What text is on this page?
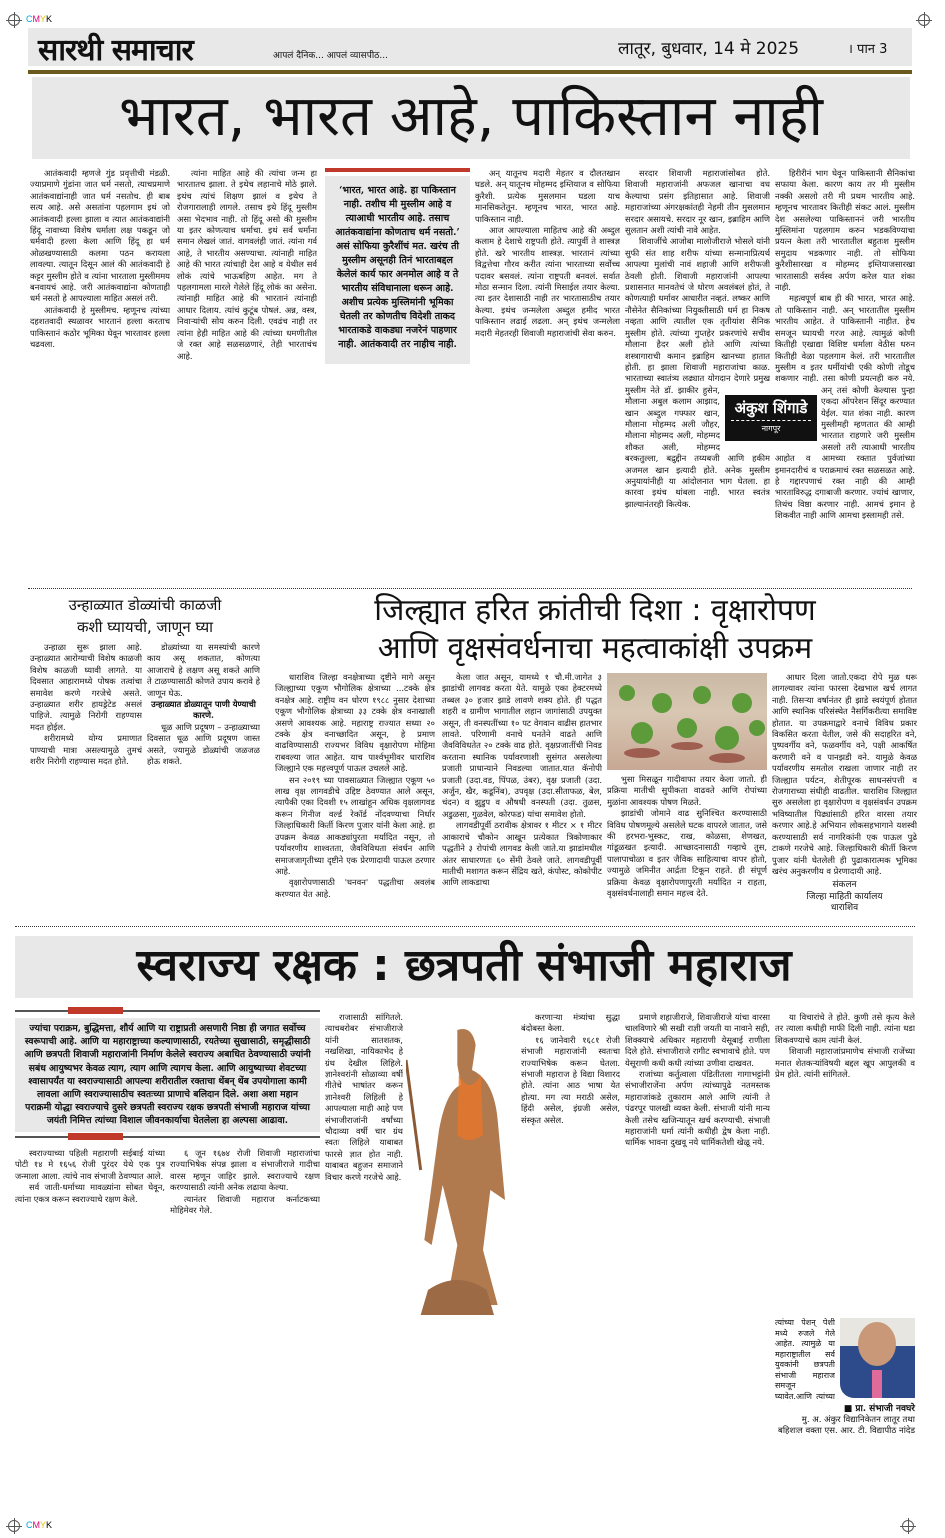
CMYK
CMYK
सारथी समाचार	आपलं दैनिक... आपलं व्यासपीठ...	लातूर, बुधवार, 14 मे 2025	। पान 3
भारत, भारत आहे, पाकिस्तान नाही

आतंकवादी म्हणजे गुंड प्रवृत्तीची मंडळी. ज्याप्रमाणे गुंडांना जात धर्म नसतो, त्याचप्रमाणे आतंकवाद्यांनाही जात धर्म नसतोच. ही बाब सत्य आहे. असे असतांना पहलगाम इथं जो आतंकवादी हल्ला झाला व त्यात आतंकवाद्यांनी हिंदू नावाच्या विशेष धर्माला लक्ष पकडून जो धर्मवादी हल्ला केला आणि हिंदू हा धर्म ओळखण्यासाठी कलमा पठन करायला लावल्या. त्यातून दिसून आलं की आतंकवादी हे कट्टर मुस्लीम होते व त्यांना भारताला मुस्लीममय बनवायचं आहे. जरी आतंकवाद्यांना कोणताही धर्म नसतो हे आपल्याला माहित असलं तरी.

आतंकवादी हे मुस्लीमच. म्हणूनच त्यांच्या दहशतवादी स्थळावर भारतानं हल्ला करताच पाकिस्तानं कठोर भूमिका घेवून भारतावर हल्ला चढवला.

त्यांना माहित आहे की त्यांचा जन्म हा भारतातच झाला. ते इथेच लहानाचे मोठे झाले. इथंच त्यांचं शिक्षण झालं व इथेच ते रोजगारालाही लागले. तसाच इथे हिंदू मुस्लीम असा भेदभाव नाही. तो हिंदू असो की मुस्लीम या इतर कोणत्याच धर्माचा. इथं सर्व धर्मांना समान लेखलं जातं. वागवलंही जातं. त्यांना गर्व आहे, ते भारतीय असण्याचा. त्यांनाही माहित आहे की भारत त्यांचाही देश आहे व येथील सर्व लोकं त्यांचे भाऊबहिण आहेत. मग ते पहलगामला मारले गेलेले हिंदू लोकं का असेना. त्यांनाही माहित आहे की भारतानं त्यांनाही आधार दिलाय. त्यांचं कुटूंब पोषलं. अन्न, वस्त्र, निवाऱ्यांची सोय करुन दिली. एवढंच नाही तर त्यांना हेही माहित आहे की त्यांच्या धमणीतील जे रक्त आहे सळसळणारं, तेही भारताचंच आहे.

‘भारत, भारत आहे. हा पाकिस्तान नाही. तशीच मी मुस्लीम आहे व त्याआधी भारतीय आहे. तसाच आतंकवाद्यांना कोणताच धर्म नसतो.’ असं सोफिया कुरैशींचं मत. खरंच ती मुस्लीम असूनही तिनं भारताबद्दल केलेलं कार्य फार अनमोल आहे व ते भारतीय संविधानाला धरून आहे. अशीच प्रत्येक मुस्लिमांनी भूमिका घेतली तर कोणतीच विदेशी ताकद भारताकडे वाकड्या नजरेनं पाहणार नाही. आतंकवादी तर नाहीच नाही.

अन् यातूनच मदारी मेहतर व दौलतखान घडले. अन् यातूनच मोहम्मद इम्तियाज व सोफिया कुरैशी. प्रत्येक मुसलमान घडला याच मानसिकतेतून. म्हणूनच भारत, भारत आहे. पाकिस्तान नाही.

आज आपल्याला माहितच आहे की अब्दुल कलाम हे देशाचे राष्ट्रपती होते. त्यापुर्वी ते शास्त्रज्ञ होते. खरे भारतीय शास्त्रज्ञ. भारतानं त्यांच्या विद्वत्तेचा गौरव करीत त्यांना भारताच्या सर्वोच्च पदावर बसवलं. त्यांना राष्ट्रपती बनवलं. सर्वात मोठा सन्मान दिला. त्यांनी मिसाईल तयार केल्या. त्या इतर देशासाठी नाही तर भारतासाठीच तयार केल्या. इथंच जन्मलेला अब्दुल हमीद भारत पाकिस्तान लढाई लढला. अन् इथंच जन्मलेला मदारी मेहतरही शिवाजी महाराजांची सेवा करुन.

सरदार शिवाजी महाराजांसोबत होते. शिवाजी महाराजांनी अफजल खानाचा वध केल्याचा प्रसंग इतिहासात आहे. शिवाजी महाराजांच्या अंगरक्षकांतही नेहमी तीन मुसलमान सरदार असायचे. सरदार नूर खान, इब्राहिम आणि सुलतान अशी त्यांची नावे आहेत.

शिवाजींचे आजोबा मालोजीराजे भोसले यांनी सुफी संत शाह शरीफ यांच्या सन्मानाप्रित्यर्थ आपल्या मुलांची नावं शहाजी आणि शरीफजी ठेवली होती. शिवाजी महाराजांनी आपल्या प्रशासनात मानवतेचं जे धोरण अवलंबलं होतं, ते कोणत्याही धर्मावर आधारीत नव्हतं. लष्कर आणि नौसेनेत सैनिकांच्या नियुक्तीसाठी धर्म हा निकष नव्हता आणि त्यातील एक तृतीयांश सैनिक मुस्लीम होते. त्यांच्या गुप्तहेर प्रकरणांचे सचीव मौलाना हैदर अली होते आणि त्यांच्या शस्त्रागाराची कमान इब्राहिम खानच्या हातात होती. हा झाला शिवाजी महाराजांचा काळ. भारताच्या स्वातंत्र्य लढ्यात योगदान देणारे प्रमुख मुस्लीम नेते डॉ. झाकीर हुसेन, मौलाना अबुल कलाम आझाद, खान अब्दुल गफ्फार खान, मौलाना मोहम्मद अली जौहर, मौलाना मोहम्मद अली, मोहम्मद शौकत अली, मोहम्मद बरकतुल्ला, बद्रुद्दीन तय्यबजी आणि हकीम अजमल खान इत्यादी होते. अनेक मुस्लीम अनुयायांनीही या आंदोलनात भाग घेतला. हा कारवा इथंच थांबला नाही. भारत स्वतंत्र झाल्यानंतरही कित्येक.

हिरीरीनं भाग घेवून पाकिस्तानी सैनिकांचा सफाया केला. कारण काय तर मी मुस्लीम नक्की असलो तरी मी प्रथम भारतीय आहे. म्हणूनच भारतावर कितीही संकट आलं. मुस्लीम देश असलेल्या पाकिस्ताननं जरी भारतीय मुस्लिमांना पहलगाम करुन भडकविण्याचा प्रयत्न केला तरी भारतातील बहुतःश मुस्लीम समुदाय भडकणार नाही. तो सोफिया कुरैशीसारखा व मोहम्मद इम्तियाजसारखा भारतासाठी सर्वस्व अर्पण करेल यात शंका नाही.

महत्वपूर्ण बाब ही की भारत, भारत आहे. तो पाकिस्तान नाही. अन् भारतातील मुस्लीम भारतीय आहेत. ते पाकिस्तानी नाहीत. हेच समजून घ्यायची गरज आहे. त्यामुळं कोणी कितीही एखाद्या विशिष्ट धर्माला वेठीस धरुन कितीही वेळा पहलगाम केलं. तरी भारतातील मुस्लीम व इतर धर्मीयांची एकी कोणी तोडूच शकणार नाही. तसा कोणी प्रयत्नही करु नये. अन् तसं कोणी केल्यास पुन्हा एकदा ऑपरेशन सिंदूर करण्यात येईल. यात शंका नाही. कारण मुस्लीमही म्हणतात की आम्ही भारतात राहणारे जरी मुस्लीम असलो तरी त्याआधी भारतीय आहोत व आमच्या रक्तात पुर्वजांच्या इमानदारीचं व पराक्रमाचं रक्त सळसळत आहे. हे गद्दारपणाचं रक्त नाही की आम्ही भारताविरुद्ध दगाबाजी करणार. ज्यांचं खाणार, तिथंच विष्ठा करणार नाही. आमचं इमान हे शिकवीत नाही आणि आमचा इस्लामही तसे.

अंकुश शिंगाडे
नागपूर
उन्हाळ्यात डोळ्यांची काळजी
कशी घ्यायची, जाणून घ्या

उन्हाळा सुरू झाला आहे. उन्हाळ्यात आरोग्याची विशेष काळजी विशेष काळजी घ्यावी लागते. या दिवसात आहारामध्ये पोषक तत्वांचा समावेश करणे गरजेचे असते. उन्हाळ्यात शरीर हायड्रेटेड असलं पाहिजे. त्यामुळे निरोगी राहण्यास मदत होईल.

शरीरामध्ये योग्य प्रमाणात पाण्याची मात्रा असल्यामुळे तुमचं शरीर निरोगी राहण्यास मदत होते.

डोळ्यांच्या या समस्यांची कारणे काय असू शकतात, कोणत्या आजाराचे हे लक्षण असू शकते आणि ते टाळण्यासाठी कोणते उपाय करावे हे जाणून घेऊ.

उन्हाळ्यात डोळ्यातून पाणी येण्याची कारणे.

धूळ आणि प्रदूषण – उन्हाळ्याच्या दिवसात धूळ आणि प्रदूषण जास्त असते, ज्यामुळे डोळ्यांची जळजळ होऊ शकते.

जिल्ह्यात हरित क्रांतीची दिशा : वृक्षारोपण
आणि वृक्षसंवर्धनाचा महत्वाकांक्षी उपक्रम

धाराशिव जिल्हा वनक्षेत्राच्या दृष्टीने मागे असून जिल्ह्याच्या एकूण भौगोलिक क्षेत्राच्या ...टक्के क्षेत्र वनक्षेत्र आहे. राष्ट्रीय वन धोरण १९८८ नुसार देशाच्या एकूण भौगोलिक क्षेत्राच्या ३३ टक्के क्षेत्र वनाखाली असणे आवश्यक आहे. महाराष्ट्र राज्यात सध्या २० टक्के क्षेत्र वनाच्छादित असून, हे प्रमाण वाढविण्यासाठी राज्यभर विविध वृक्षारोपण मोहिमा राबवल्या जात आहेत. याच पार्श्वभूमीवर धाराशिव जिल्ह्याने एक महत्त्वपूर्ण पाऊल उचलले आहे.

सन २०१९ च्या पावसाळ्यात जिल्ह्यात एकूण ५० लाख वृक्ष लागवडीचे उद्दिष्ट ठेवण्यात आले असून, त्यापैकी एका दिवशी १५ लाखांहून अधिक वृक्षलागवड करून गिनीज वर्ल्ड रेकॉर्ड नोंदवण्याचा निर्धार जिल्हाधिकारी किर्ती किरण पुजार यांनी केला आहे. हा उपक्रम केवळ आकड्यांपुरता मर्यादित नसून, तो पर्यावरणीय शाश्वतता, जैवविविधता संवर्धन आणि समाजजागृतीच्या दृष्टीने एक प्रेरणादायी पाऊल ठरणार आहे.

वृक्षारोपणासाठी 'घनवन' पद्धतीचा अवलंब करण्यात येत आहे.

केला जात असून, यामध्ये १ चौ.मी.जागेत ३ झाडांची लागवड करता येते. यामुळे एका हेक्टरमध्ये तब्बल ३० हजार झाडे लावणे शक्य होते. ही पद्धत शहरी व ग्रामीण भागातील लहान जागांसाठी उपयुक्त असून, ती वनस्पतींच्या १० पट वेगवान वाढीस हातभार लावते. परिणामी वनाचे घनतेने वाढते आणि जैवविविधतेत २० टक्के वाढ होते. वृक्षप्रजातींची निवड करताना स्थानिक पर्यावरणाशी सुसंगत असलेल्या प्रजाती प्राधान्याने निवडल्या जातात.यात कॅनोपी प्रजाती (उदा.वड, पिंपळ, उंबर), वृक्ष प्रजाती (उदा. अर्जुन, खैर, कडूनिंब), उपवृक्ष (उदा.सीताफळ, बेल, चंदन) व झुडुप व औषधी वनस्पती (उदा. तुळस, अडुळसा, गुळवेल, कोरफड) यांचा समावेश होतो.

लागवडीपूर्वी ठरावीक क्षेत्रावर १ मीटर × १ मीटर आकाराचे चौकोन आखून प्रत्येकात त्रिकोणाकार पद्धतीने ३ रोपांची लागवड केली जाते.या झाडांमधील अंतर साधारणतः ६० सेंमी ठेवले जाते. लागवडीपूर्वी मातीची मशागत करून सेंद्रिय खते, कंपोस्ट, कोकोपीट आणि लाकडाचा

भुसा मिसळून गादीवाफा तयार केला जातो. ही प्रक्रिया मातीची सुपीकता वाढवते आणि रोपांच्या मुळांना आवश्यक पोषण मिळते.

झाडांची जोमाने वाढ सुनिश्चित करण्यासाठी विविध पोषणमूल्ये असलेले घटक वापरले जातात, जसे की हरभरा-भुस्कट, राख, कोळसा, शेणखत, गांडूळखत इत्यादी. आच्छादनासाठी गव्हाचे तुस, पालापाचोळा व इतर जैविक साहित्याचा वापर होतो, ज्यामुळे जमिनीत आर्द्रता टिकून राहते. ही संपूर्ण प्रक्रिया केवळ वृक्षारोपणापुरती मर्यादित न राहता, वृक्षसंवर्धनालाही समान महत्त्व देते.

आधार दिला जातो.एकदा रोपे मुळ धरू लागल्यावर त्यांना फारसा देखभाल खर्च लागत नाही. तिसऱ्या वर्षानंतर ही झाडे स्वयंपूर्ण होतात आणि स्थानिक परिसंस्थेत नैसर्गिकरीत्या समाविष्ट होतात. या उपक्रमाद्वारे वनाचे विविध प्रकार विकसित करता येतील, जसे की सदाहरित वने, पुष्पवर्गीय वने, फळवर्गीय वने, पक्षी आकर्षित करणारी वने व पानझडी वने. यामुळे केवळ पर्यावरणीय समतोल राखला जाणार नाही तर जिल्ह्यात पर्यटन, शेतीपूरक साधनसंपत्ती व रोजगाराच्या संधीही वाढतील. धाराशिव जिल्ह्यात सुरु असलेला हा वृक्षारोपण व वृक्षसंवर्धन उपक्रम भविष्यातील पिढ्यांसाठी हरित वारसा तयार करणार आहे.हे अभियान लोकसहभागाने यशस्वी करण्यासाठी सर्व नागरिकांनी एक पाऊल पुढे टाकणे गरजेचे आहे. जिल्हाधिकारी कीर्ती किरण पुजार यांनी घेतलेली ही पुढाकारात्मक भूमिका खरंच अनुकरणीय व प्रेरणादायी आहे.

संकलन
जिल्हा माहिती कार्यालय
धाराशिव
स्वराज्य रक्षक : छत्रपती संभाजी महाराज
ज्यांचा पराक्रम, बुद्धिमत्ता, शौर्य आणि या राष्ट्राप्रती असणारी निष्ठा ही जगात सर्वोच्च स्वरूपाची आहे. आणि या महाराष्ट्राच्या कल्याणासाठी, रयतेच्या सुखासाठी, समृद्धीसाठी आणि छत्रपती शिवाजी महाराजांनी निर्माण केलेले स्वराज्य अबाधित ठेवण्यासाठी ज्यांनी सबंध आयुष्यभर केवळ त्याग, त्याग आणि त्यागच केला. आणि आयुष्याच्या शेवटच्या श्वासापर्यंत या स्वराज्यासाठी आपल्या शरीरातील रक्ताचा थेंबन् थेंब उपयोगाला कामी लावला आणि स्वराज्यासाठीच स्वतःच्या प्राणाचे बलिदान दिले. अशा अशा महान पराक्रमी योद्धा स्वराज्याचे दुसरे छत्रपती स्वराज्य रक्षक छत्रपती संभाजी महाराज यांच्या जयंती निमित्त त्यांच्या विशाल जीवनकार्याचा घेतलेला हा अल्पसा आढावा.

स्वराज्याच्या पहिली महाराणी सईबाई यांच्या पोटी १४ मे १६५६ रोजी पुरंदर येथे एक पुत्र जन्माला आला. त्यांचे नाव संभाजी ठेवण्यात आले.

सर्व जाती-धर्माच्या मावळ्यांना सोबत घेवून, त्यांना एकत्र करून स्वराज्याचे रक्षण केले.

६ जून १६७४ रोजी शिवाजी महाराजांचा राज्याभिषेक संपन्न झाला व संभाजीराजे गादीचा वारस म्हणून जाहिर झाले. स्वराज्याचे रक्षण करण्यासाठी त्यांनी अनेक लढाया केल्या.

त्यानंतर शिवाजी महाराज कर्नाटकच्या मोहिमेवर गेले.

राजासाठी सांगितले. त्याचबरोबर संभाजीराजे यांनी सातशतक, नखशिखा, नायिकाभेद हे ग्रंथ देखील लिहिले. ज्ञानेश्वरांनी सोळाव्या वर्षी गीतेचे भाषांतर करून ज्ञानेश्वरी लिहिली हे आपल्याला माही आहे पण संभाजीराजांनी वर्षांच्या चौदाव्या वर्षी चार ग्रंथ स्वतः लिहिले याबाबत फारसे ज्ञात होत नाही. याबाबत बहुजन समाजाने विचार करणे गरजेचे आहे.

करणाऱ्या मंत्र्यांचा सुद्धा बंदोबस्त केला.

१६ जानेवारी १६८१ रोजी संभाजी महाराजांनी स्वतःचा राज्याभिषेक करून घेतला. संभाजी महाराज हे विद्या विशारद होते. त्यांना आठ भाषा येत होत्या. मग त्या मराठी असेल, हिंदी असेल, इंग्रजी असेल, संस्कृत असेल.

प्रमाणे शहाजीराजे, शिवाजीराजे यांचा वारसा चालविणारे श्री सखी राज्ञी जयती या नावाने सही, शिक्क्याचे अधिकार महाराणी येसूबाई राणीला दिले होते. संभाजीराजे रागीट स्वभावाचे होते. पण येसूराणी कधी कधी त्यांच्या उणीवा दाखवत.

राजांच्या कर्तुत्वाला पंडितीतला गागाभट्टांनी संभाजीराजेंना अर्पण त्यांच्यापुढे नतमस्तक महाराजांकडे तुकाराम आले आणि त्यांनी ते पंढरपूर पालखी व्यक्त केली. संभाजी यांनी मान्य केली तसेच खजिन्यातून खर्च करण्याची. संभाजी महाराजांनी धर्मा त्यांनी कधीही द्वेष केला नाही. धार्मिक भावना दुखवू नये धार्मिकतेशी खेळू नये.

या विचारांचे ते होते. कुणी तसे कृत्य केले तर त्याला कधीही माफी दिली नाही. त्यांना धडा शिकवण्याचे काम त्यांनी केलं.

शिवाजी महाराजांप्रमाणेच संभाजी राजेंच्या मनात शेतकऱ्यांविषयी बद्दल खूप आपुलकी व प्रेम होते. त्यांनी सांगितले.

त्यांच्या पेशन् पेशी मध्ये रुजले गेले आहेत. त्यामुळे या महाराष्ट्रातील सर्व युवकांनी छत्रपती संभाजी महाराज समजून घ्यावेत.आणि त्यांच्या

■ प्रा. संभाजी नवघरे
मु. अ. अंकुर विद्यानिकेतन लातूर तथा बहिशःल वक्ता एस. आर. टी. विद्यापीठ नांदेड
